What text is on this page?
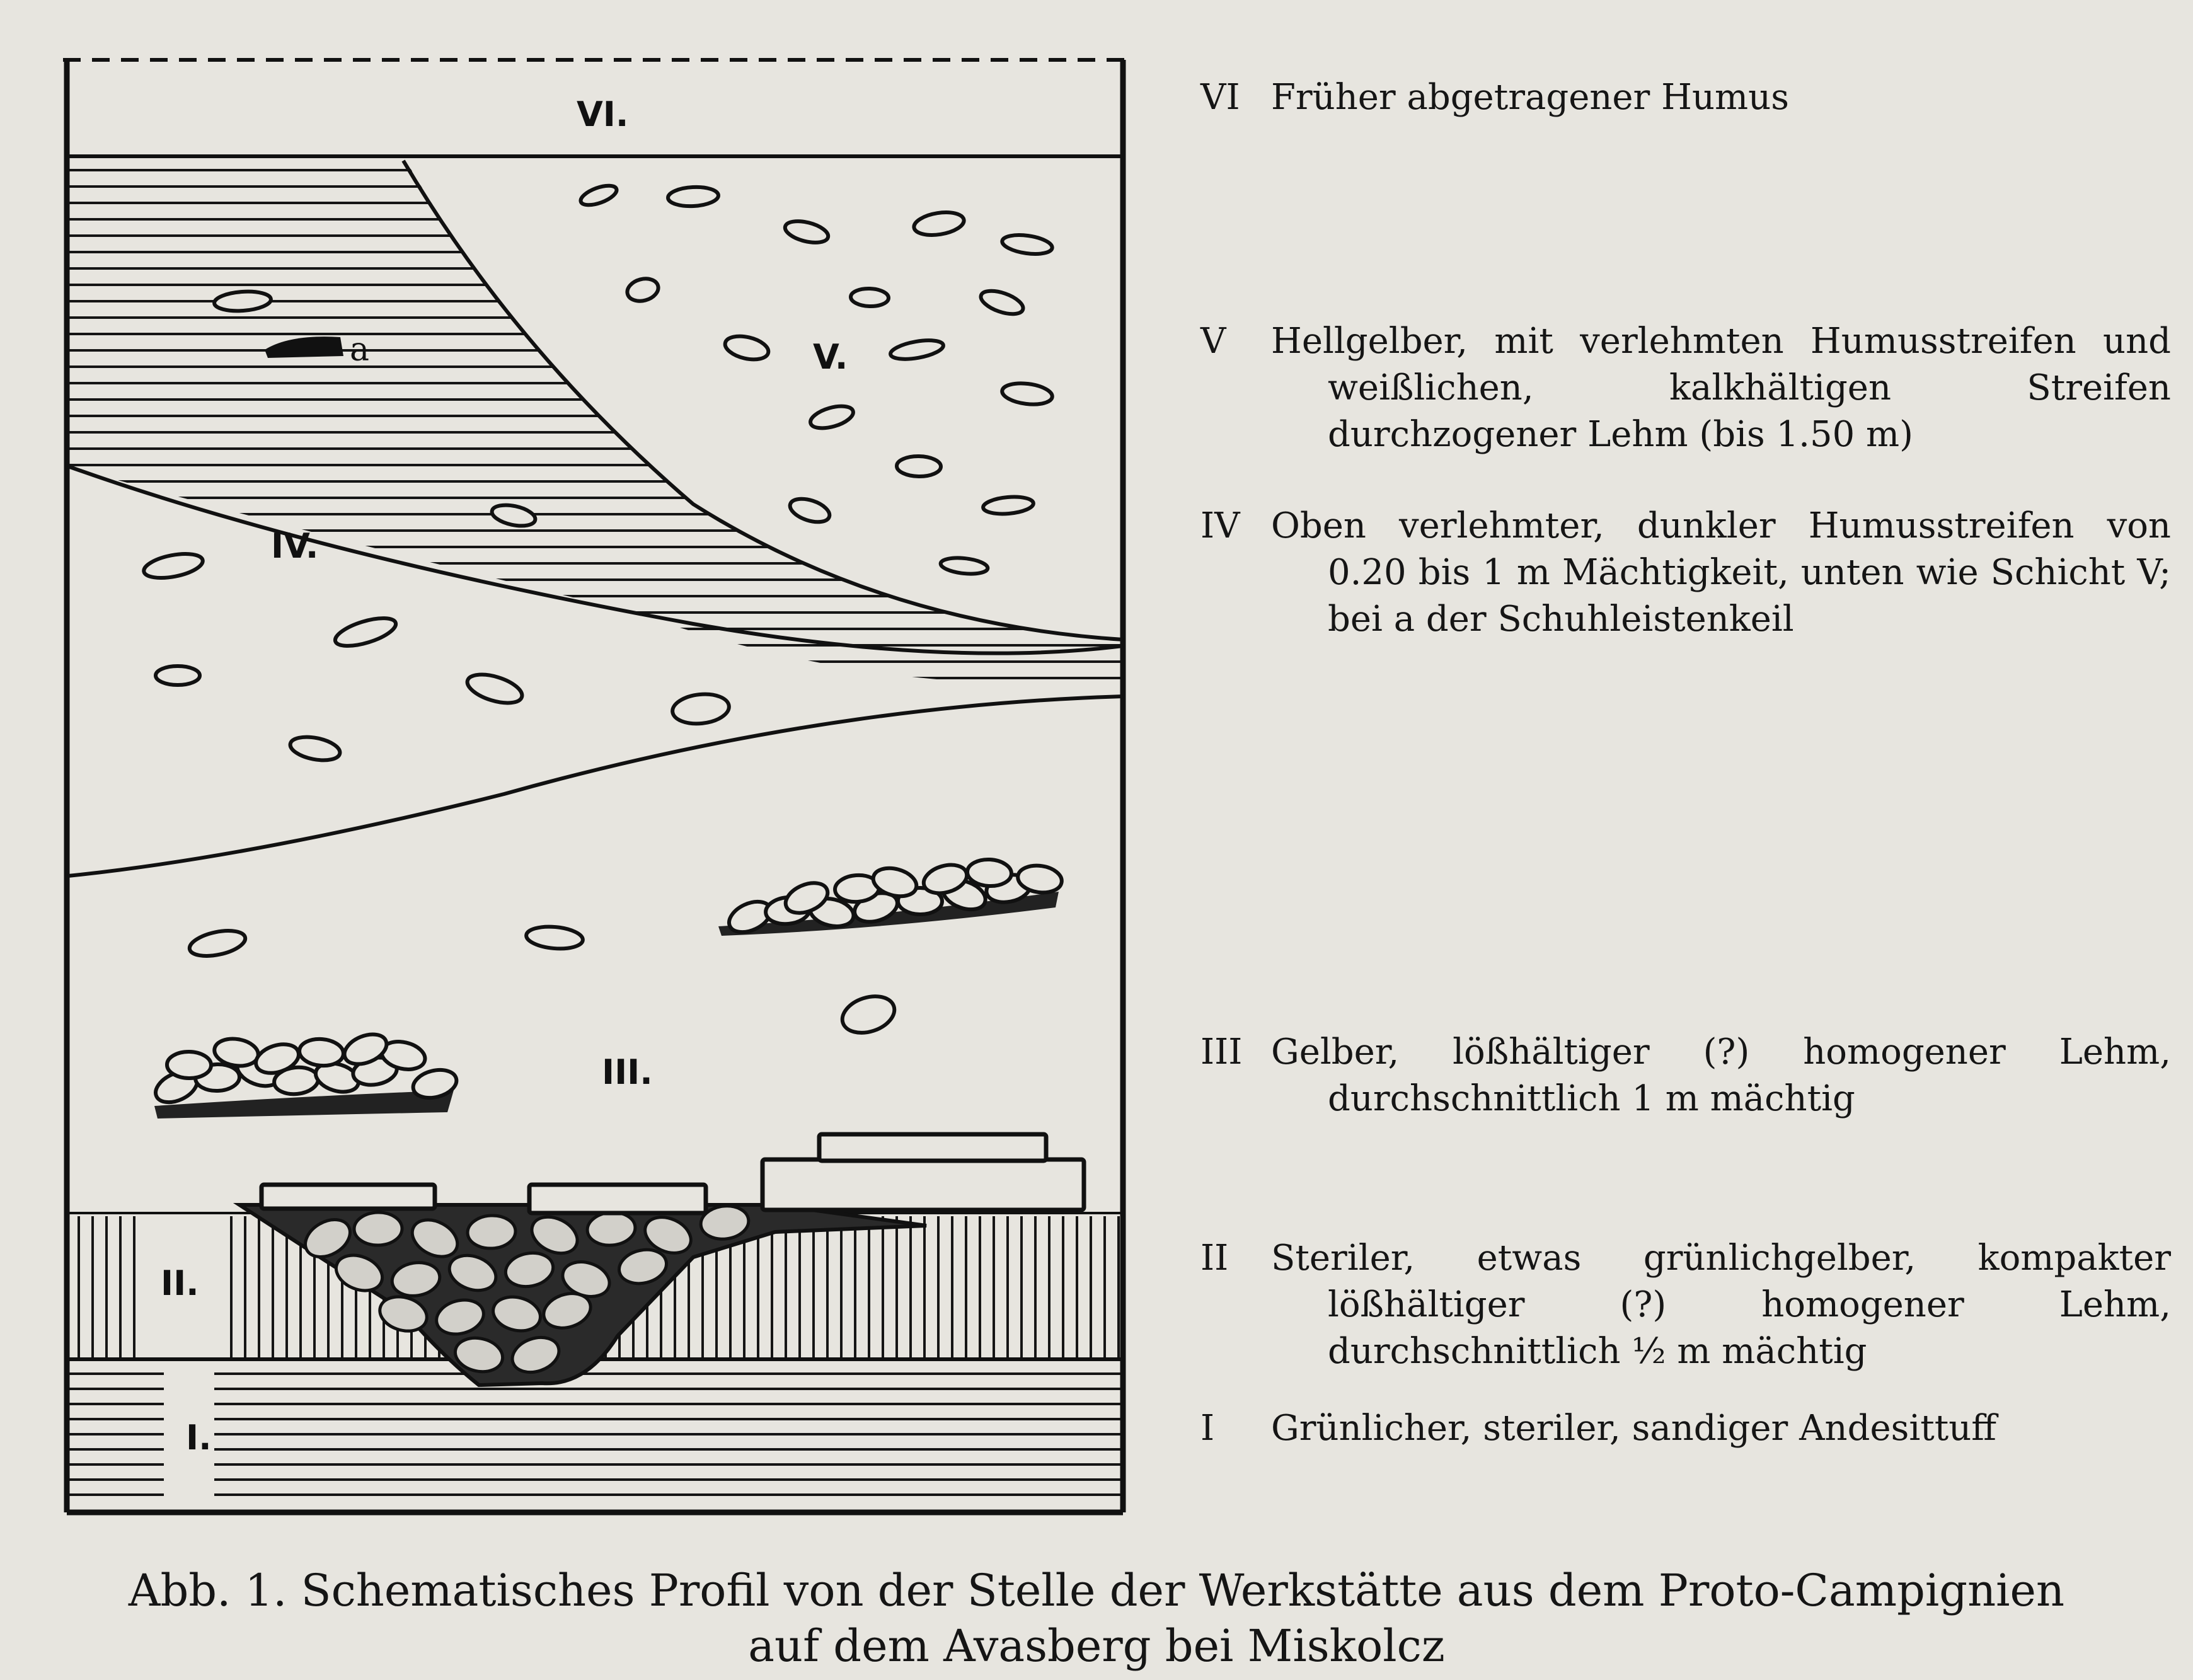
a
VI.
V.
IV.
III.
II.
I.
VI Früher abgetragener Humus
V	Hellgelber, mit verlehmten Humusstreifen und weißlichen, kalkhältigen Streifen durchzogener Lehm (bis 1.50 m)
IV Oben verlehmter, dunkler Humusstreifen von 0.20 bis 1 m Mächtigkeit, unten wie Schicht V; bei a der Schuhleistenkeil
III Gelber, lößhältiger (?) homogener Lehm, durchschnittlich 1 m mächtig
II	Steriler, etwas grünlichgelber, kompakter lößhältiger (?) homogener Lehm, durchschnittlich ½ m mächtig
I	Grünlicher, steriler, sandiger Andesittuff
Abb. 1. Schematisches Profil von der Stelle der Werkstätte aus dem Proto-Campignien
auf dem Avasberg bei Miskolcz
